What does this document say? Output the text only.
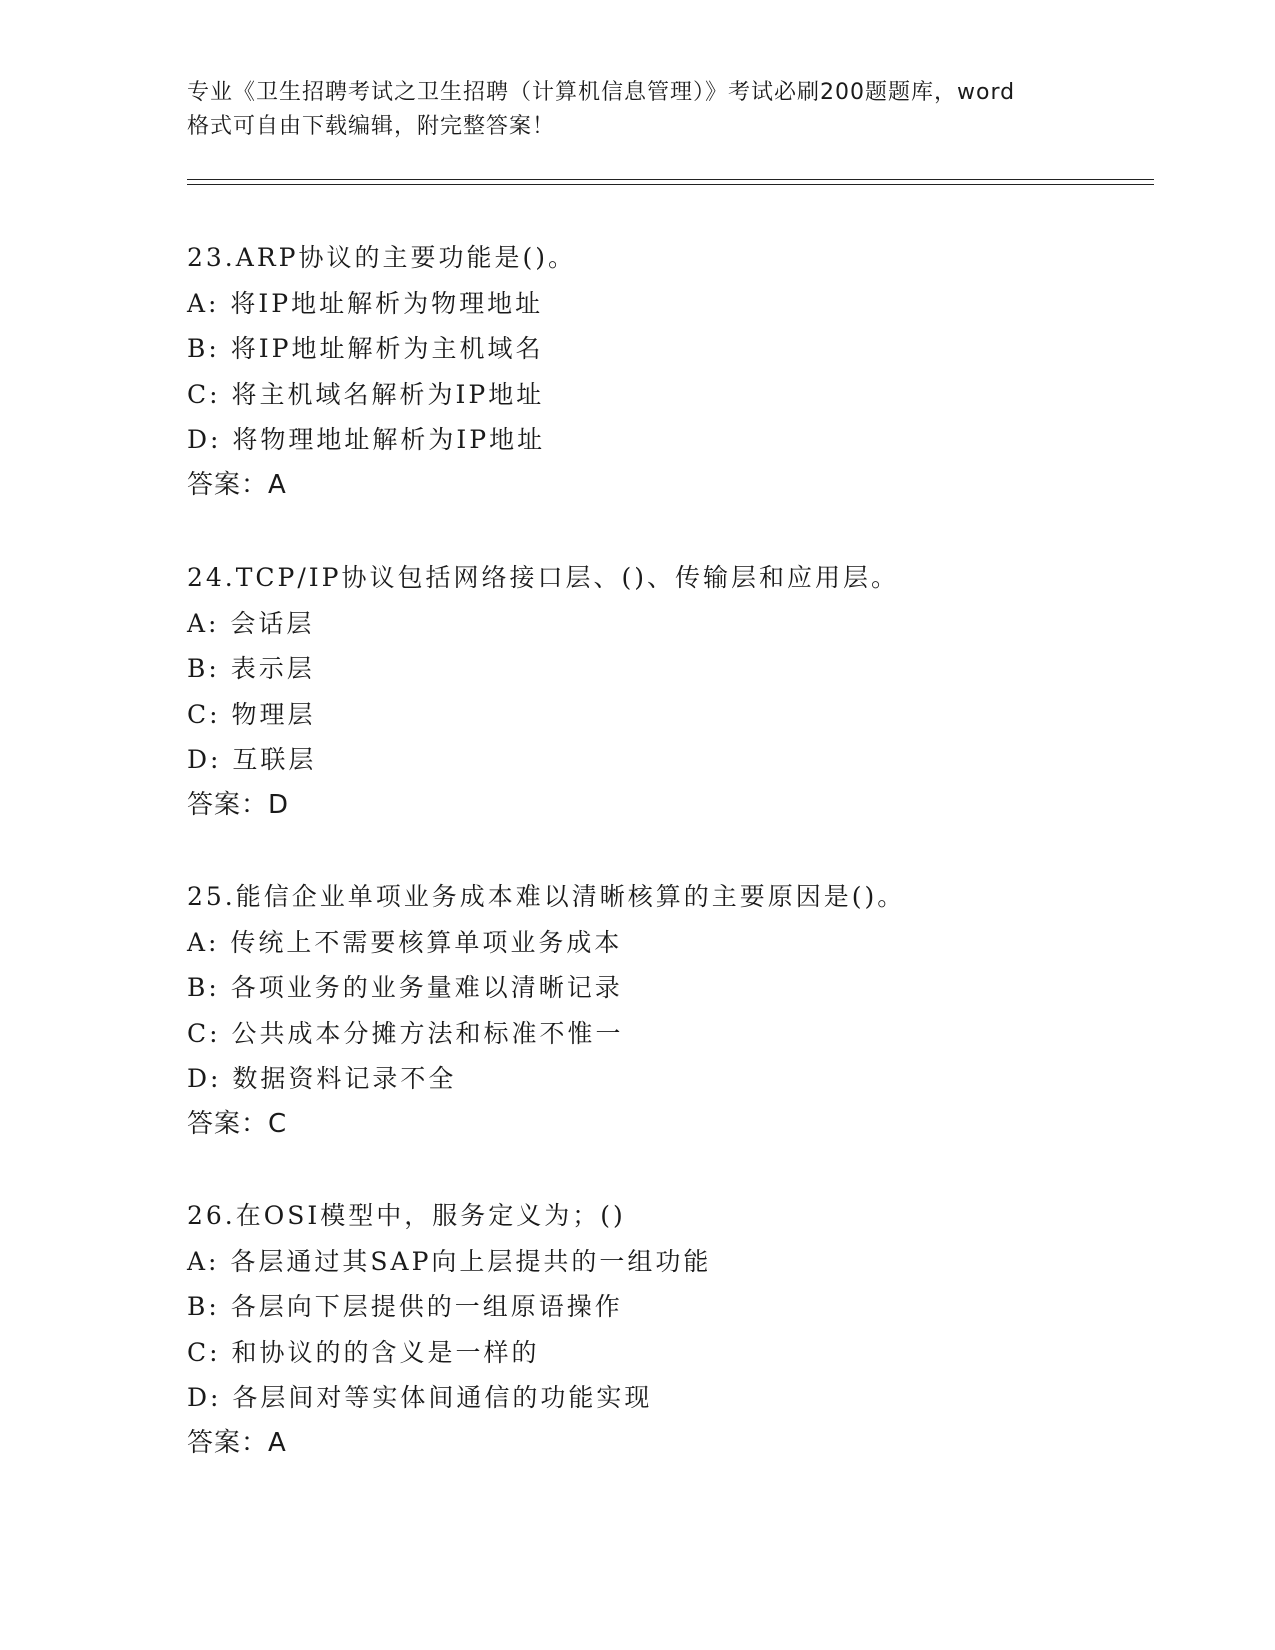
专业《卫生招聘考试之卫生招聘（计算机信息管理）》考试必刷200题题库，word
格式可自由下载编辑，附完整答案！
23.ARP协议的主要功能是()。
A: 将IP地址解析为物理地址
B: 将IP地址解析为主机域名
C: 将主机域名解析为IP地址
D: 将物理地址解析为IP地址
答案：A
24.TCP/IP协议包括网络接口层、()、传输层和应用层。
A: 会话层
B: 表示层
C: 物理层
D: 互联层
答案：D
25.能信企业单项业务成本难以清晰核算的主要原因是()。
A: 传统上不需要核算单项业务成本
B: 各项业务的业务量难以清晰记录
C: 公共成本分摊方法和标准不惟一
D: 数据资料记录不全
答案：C
26.在OSI模型中，服务定义为；()
A: 各层通过其SAP向上层提共的一组功能
B: 各层向下层提供的一组原语操作
C: 和协议的的含义是一样的
D: 各层间对等实体间通信的功能实现
答案：A
